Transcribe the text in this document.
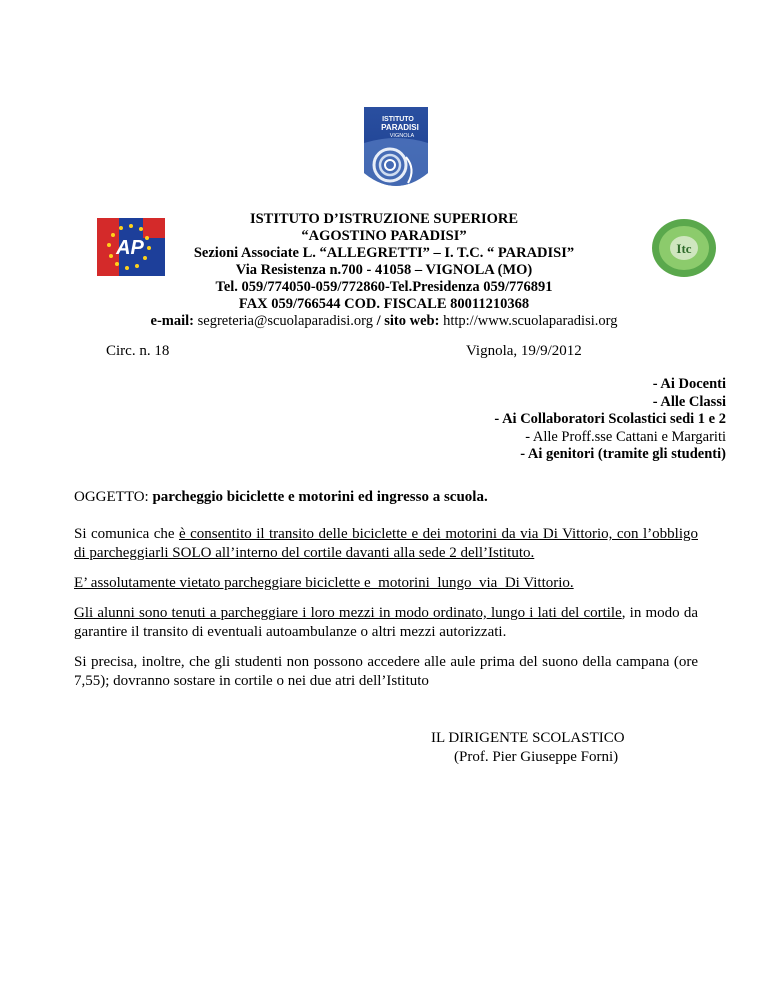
ISTITUTO
PARADISI
VIGNOLA
AP	Itc
ISTITUTO D’ISTRUZIONE SUPERIORE
“AGOSTINO PARADISI”
Sezioni Associate L. “ALLEGRETTI” – I. T.C. “ PARADISI”
Via Resistenza n.700 - 41058 – VIGNOLA (MO)
Tel. 059/774050-059/772860-Tel.Presidenza 059/776891
FAX 059/766544 COD. FISCALE 80011210368
e-mail: segreteria@scuolaparadisi.org / sito web: http://www.scuolaparadisi.org
Circ. n. 18	Vignola, 19/9/2012
- Ai Docenti
- Alle Classi
- Ai Collaboratori Scolastici sedi 1 e 2
- Alle Proff.sse Cattani e Margariti
- Ai genitori (tramite gli studenti)
OGGETTO: parcheggio biciclette e motorini ed ingresso a scuola.
Si comunica che è consentito il transito delle biciclette e dei motorini da via Di Vittorio, con l’obbligo di parcheggiarli SOLO all’interno del cortile davanti alla sede 2 dell’Istituto.
E’ assolutamente vietato parcheggiare biciclette e  motorini  lungo  via  Di Vittorio.
Gli alunni sono tenuti a parcheggiare i loro mezzi in modo ordinato, lungo i lati del cortile, in modo da garantire il transito di eventuali autoambulanze o altri mezzi autorizzati.
Si precisa, inoltre, che gli studenti non possono accedere alle aule prima del suono della campana (ore 7,55); dovranno sostare in cortile o nei due atri dell’Istituto
IL DIRIGENTE SCOLASTICO
(Prof. Pier Giuseppe Forni)
